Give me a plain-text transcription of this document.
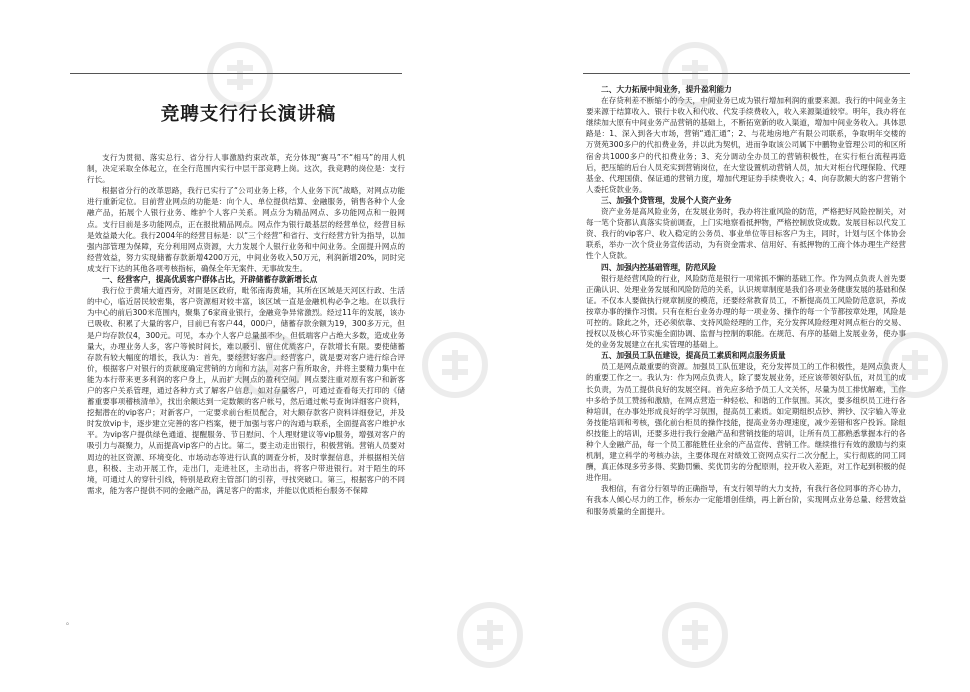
竞聘支行行长演讲稿

支行为贯彻、落实总行、省分行人事激励约束改革，充分体现“赛马”不“相马”的用人机制，决定采取全体起立，在全行范围内实行中层干部竞聘上岗。这次，我竞聘的岗位是：支行行长。

根据省分行的改革思路，我行已实行了“公司业务上移，个人业务下沉”战略，对网点功能进行重新定位。目前营业网点的功能是：向个人、单位提供结算、金融服务，销售各种个人金融产品，拓展个人银行业务、维护个人客户关系。网点分为精品网点、多功能网点和一般网点。支行目前是多功能网点，正在报批精品网点。网点作为银行最基层的经营单位，经营目标是效益最大化。我行2004年的经营目标是：以“三个经营”和省行、支行经营方针为指导，以加强内部管理为保障，充分利用网点资源，大力发展个人银行业务和中间业务。全面提升网点的经营效益，努力实现储蓄存款新增4200万元，中间业务收入50万元，利润新增20%，同时完成支行下达的其他各项考核指标，确保全年无案件、无事故发生。

一、经营客户，提高优质客户群体占比，开辟储蓄存款新增长点

我行位于黄埔大道西旁，对面是区政府，毗邻南海黄埔，其所在区域是天河区行政、生活的中心，临近居民较密集，客户资源相对较丰富，该区域一直是金融机构必争之地。在以我行为中心的前后300米范围内，聚集了6家商业银行，金融竞争异常激烈。经过11年的发展，该办已吸收、积累了大量的客户，目前已有客户44，000户，储蓄存款余额为19，300多万元，但是户均存款仅4，300元。可见，本办个人客户总量虽不少，但低端客户占绝大多数，造成业务量大，办理业务人多，客户等候时间长，难以吸引、留住优质客户，存款增长有限。要使储蓄存款有较大幅度的增长，我认为：首先，要经营好客户。经营客户，就是要对客户进行综合评价，根据客户对银行的贡献度确定营销的方向和方法，对客户有所取舍，并将主要精力集中在能为本行带来更多利润的客户身上，从而扩大网点的盈利空间。网点要注重对原有客户和新客户的客户关系管理，通过各种方式了解客户信息，如对存量客户，可通过查看每天打印的《储蓄重要事项稽核清单》，找出余额达到一定数额的客户帐号，然后通过帐号查询详细客户资料，挖掘潜在的vip客户；对新客户，一定要求前台柜员配合，对大额存款客户资料详细登记，并及时发放vip卡，逐步建立完善的客户档案，便于加强与客户的沟通与联系，全面提高客户维护水平。为vip客户提供绿色通道、提醒服务、节日慰问、个人理财建议等vip服务，增强对客户的吸引力与凝聚力，从而提高vip客户的占比。第二，要主动走出银行，积极营销。营销人员要对周边的社区资源、环境变化、市场动态等进行认真的调查分析，及时掌握信息，并根据相关信息，积极、主动开展工作，走出门，走进社区，主动出击，将客户带进银行。对于陌生的环境，可通过人的穿针引线，特别是政府主管部门的引荐，寻找突破口。第三，根据客户的不同需求，能为客户提供不同的金融产品，满足客户的需求，并能以优质柜台服务不保障

。
二、大力拓展中间业务，提升盈利能力

在存贷利差不断缩小的今天，中间业务已成为银行增加利润的重要来源。我行的中间业务主要来源于结算收入、银行卡收入和代收、代发手续费收入，收入来源渠道较窄。明年，我办将在继续加大原有中间业务产品营销的基础上，不断拓宽新的收入渠道，增加中间业务收入。具体思路是：1、深入到各大市场，营销“通汇通”；2、与花地房地产有限公司联系，争取明年交楼的万贤苑300多户的代扣费业务，并以此为契机，进而争取该公司属下中鹏物业管理公司的和区所宿舍共1000多户的代扣费业务；3、充分调动全办员工的营销积极性，在实行柜台流程再造后，把压缩的后台人员充实到营销岗位，在大堂设置机动营销人员，加大对柜台代理保险、代理基金、代理国债、保证通的营销力度，增加代理证券手续费收入；4、向存款额大的客户营销个人委托贷款业务。

三、加强个贷管理，发展个人资产业务

资产业务是高风险业务，在发展业务时，我办将注重风险的防范，严格把好风险控制关，对每一笔个贷都认真落实贷前调查，上门实地察看抵押物，严格控制放贷成数。发展目标以代发工资、我行的vip客户、收入稳定的公务员、事业单位等目标客户为主，同时，计划与区个体协会联系，举办一次个贷业务宣传活动，为有资金需求、信用好、有抵押物的工商个体办理生产经营性个人贷款。

四、加强内控基础管理，防范风险

银行是经营风险的行业，风险防范是银行一项常抓不懈的基础工作。作为网点负责人首先要正确认识、处理业务发展和风险防范的关系，认识规章制度是我们各项业务健康发展的基础和保证。不仅本人要做执行规章制度的模范，还要经常教育员工，不断提高员工风险防范意识，养成按章办事的操作习惯。只有在柜台业务办理的每一项业务、操作的每一个节都按章处理，风险是可控的。除此之外，还必须依靠、支持风险经理的工作，充分发挥风险经理对网点柜台的交易、授权以及核心环节实施全面协调、监督与控制的职能。在规范、有序的基础上发展业务，使办事处的业务发展建立在扎实管理的基础上。

五、加强员工队伍建设，提高员工素质和网点服务质量

员工是网点最重要的资源。加强员工队伍建设，充分发挥员工的工作积极性，是网点负责人的重要工作之一。我认为：作为网点负责人，除了要发展业务，还应该带领好队伍，对员工的成长负责，为员工提供良好的发展空间。首先应多给予员工人文关怀，尽量为员工排忧解难，工作中多给予员工赞扬和激励，在网点营造一种轻松、和谐的工作氛围。其次，要多组织员工进行各种培训，在办事处形成良好的学习氛围，提高员工素质。如定期组织点钞、辨钞、汉字输入等业务技能培训和考核，强化前台柜员的操作技能，提高业务办理速度，减少差错和客户投诉。除组织技能上的培训，还要多进行我行金融产品和营销技能的培训，让所有员工都熟悉掌握本行的各种个人金融产品，每一个员工都能胜任业余的产品宣传、营销工作。继续推行有效的激励与约束机制，建立科学的考核办法，主要体现在对绩效工资网点实行二次分配上，实行彻底的同工同酬，真正体现多劳多得、奖勤罚懒、奖优罚劣的分配原则，拉开收入差距，对工作起到积极的促进作用。

我相信，有省分行领导的正确指导，有支行领导的大力支持，有我行各位同事的齐心协力，有我本人倾心尽力的工作，桥东办一定能增创佳绩，再上新台阶，实现网点业务总量、经营效益和服务质量的全面提升。
